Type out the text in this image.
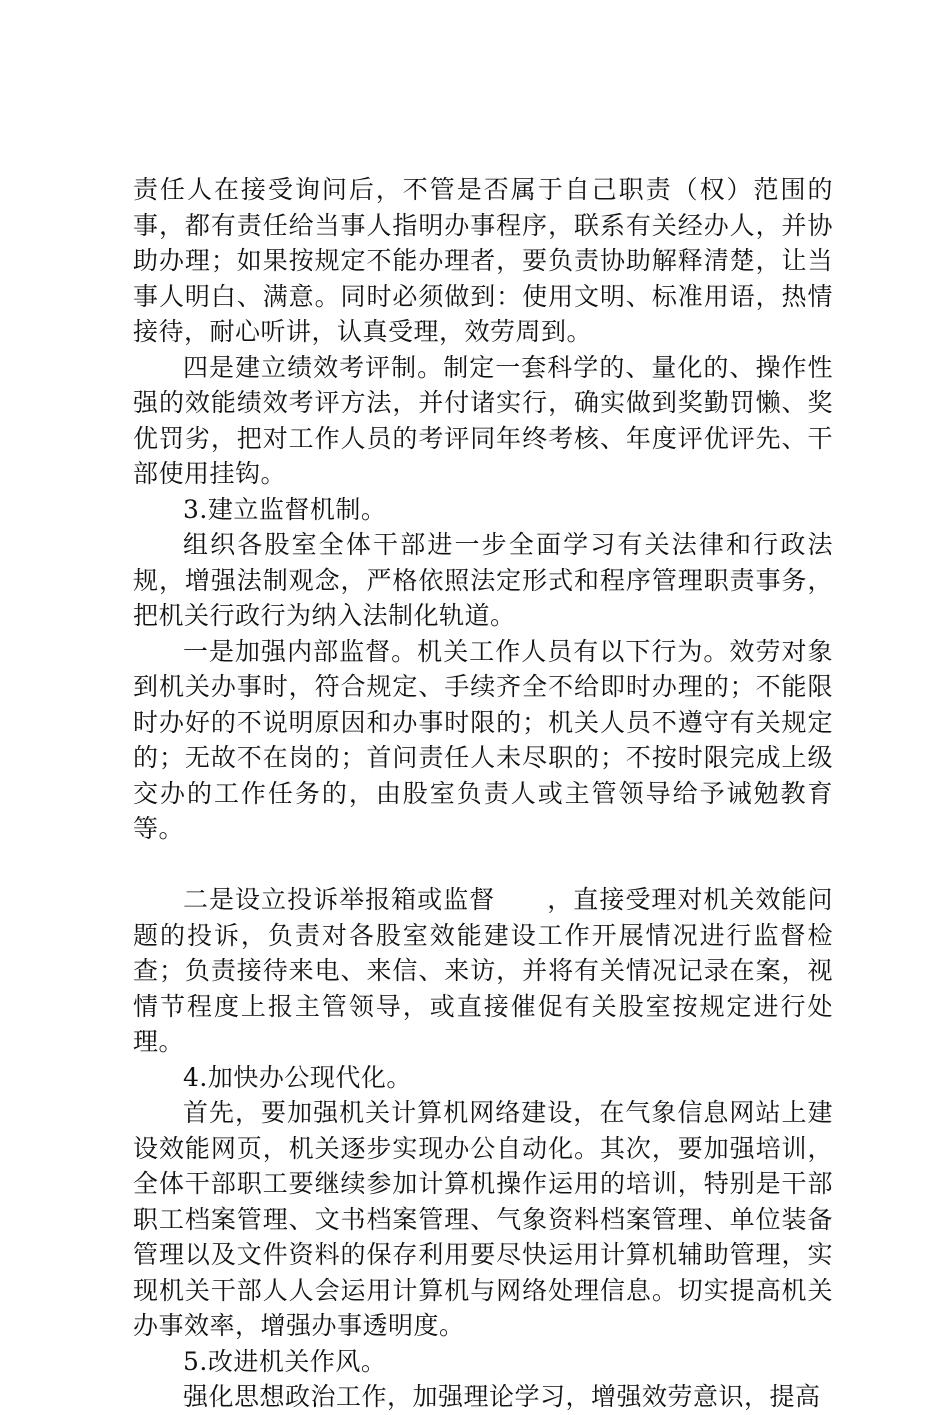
责任人在接受询问后，不管是否属于自己职责（权）范围的事，都有责任给当事人指明办事程序，联系有关经办人，并协助办理；如果按规定不能办理者，要负责协助解释清楚，让当事人明白、满意。同时必须做到：使用文明、标准用语，热情接待，耐心听讲，认真受理，效劳周到。

四是建立绩效考评制。制定一套科学的、量化的、操作性强的效能绩效考评方法，并付诸实行，确实做到奖勤罚懒、奖优罚劣，把对工作人员的考评同年终考核、年度评优评先、干部使用挂钩。

3.建立监督机制。

组织各股室全体干部进一步全面学习有关法律和行政法规，增强法制观念，严格依照法定形式和程序管理职责事务，把机关行政行为纳入法制化轨道。

一是加强内部监督。机关工作人员有以下行为。效劳对象到机关办事时，符合规定、手续齐全不给即时办理的；不能限时办好的不说明原因和办事时限的；机关人员不遵守有关规定的；无故不在岗的；首问责任人未尽职的；不按时限完成上级交办的工作任务的，由股室负责人或主管领导给予诫勉教育等。

二是设立投诉举报箱或监督　　，直接受理对机关效能问题的投诉，负责对各股室效能建设工作开展情况进行监督检查；负责接待来电、来信、来访，并将有关情况记录在案，视情节程度上报主管领导，或直接催促有关股室按规定进行处理。

4.加快办公现代化。

首先，要加强机关计算机网络建设，在气象信息网站上建设效能网页，机关逐步实现办公自动化。其次，要加强培训，全体干部职工要继续参加计算机操作运用的培训，特别是干部职工档案管理、文书档案管理、气象资料档案管理、单位装备管理以及文件资料的保存利用要尽快运用计算机辅助管理，实现机关干部人人会运用计算机与网络处理信息。切实提高机关办事效率，增强办事透明度。

5.改进机关作风。

强化思想政治工作，加强理论学习，增强效劳意识，提高
